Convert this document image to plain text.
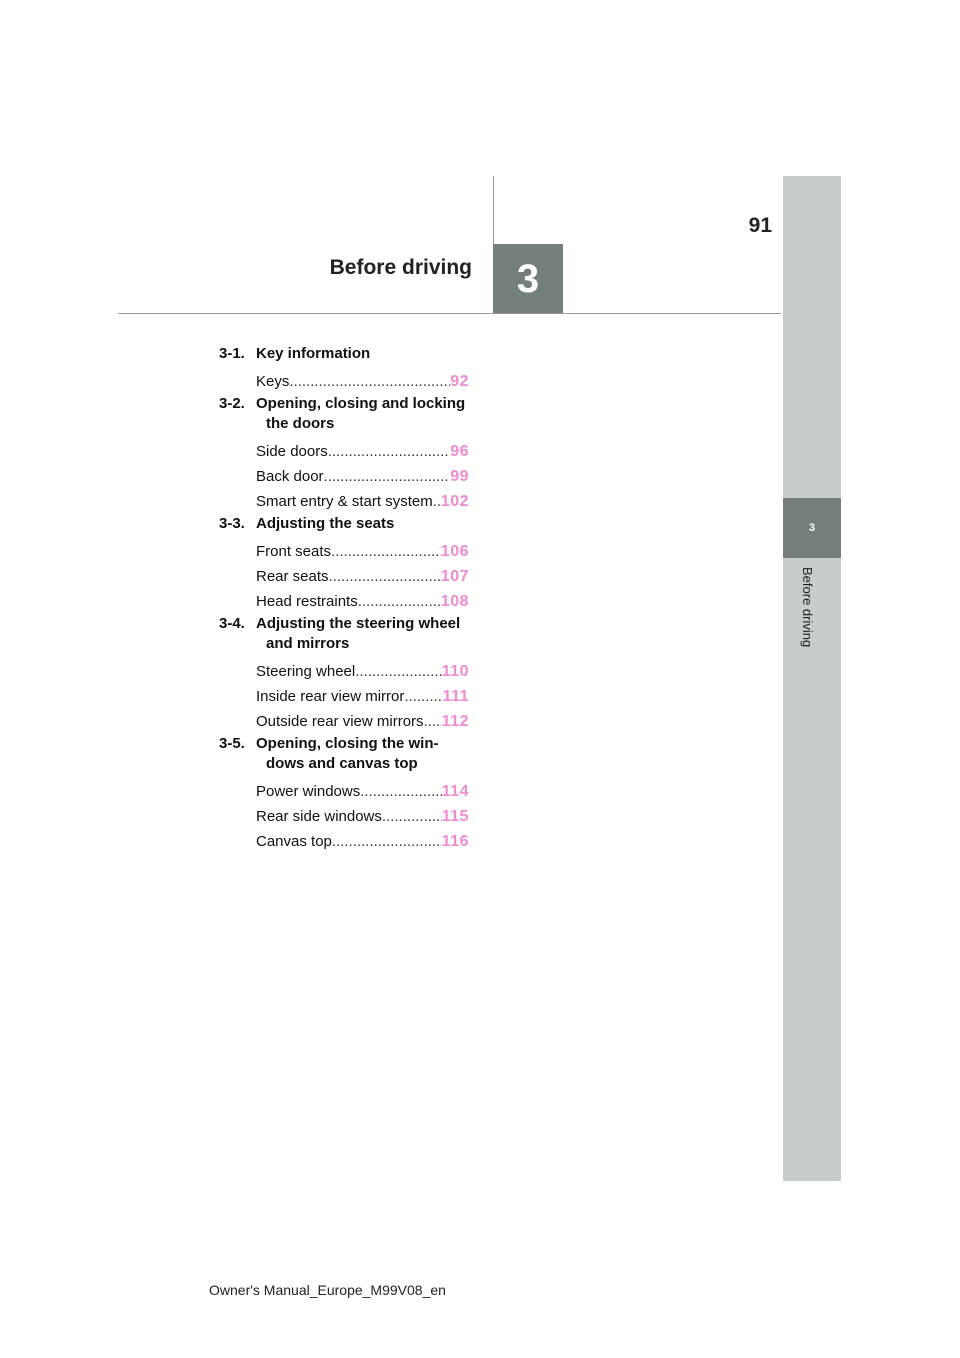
91
3
Before driving
3
Before driving
3-1. Key information
Keys .....	92
3-2. Opening, closing and locking
the doors
Side doors .....	96
Back door .....	99
Smart entry & start system ..... 102
3-3. Adjusting the seats
Front seats .....	106
Rear seats .....	107
Head restraints .....	108
3-4. Adjusting the steering wheel
and mirrors
Steering wheel .....	110
Inside rear view mirror ..... 111
Outside rear view mirrors ..... 112
3-5. Opening, closing the win-
dows and canvas top
Power windows .....	114
Rear side windows .....	115
Canvas top .....	116
Owner's Manual_Europe_M99V08_en
